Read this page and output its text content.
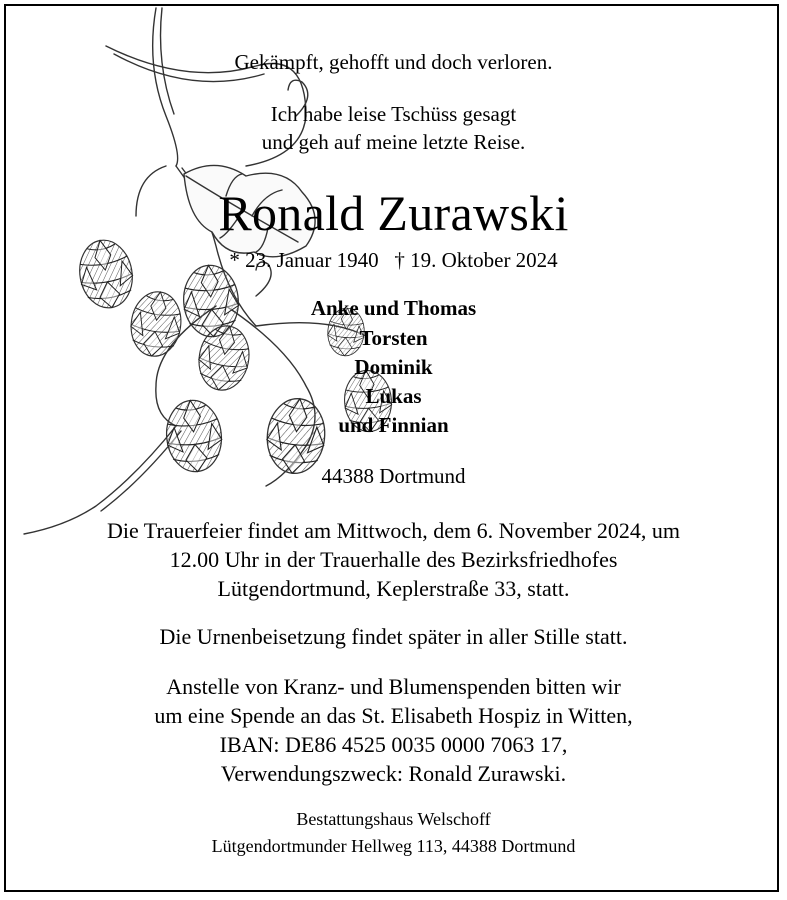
Gekämpft, gehofft und doch verloren.
Ich habe leise Tschüss gesagt
und geh auf meine letzte Reise.
Ronald Zurawski
* 23. Januar 1940   † 19. Oktober 2024
Anke und Thomas
Torsten
Dominik
Lukas
und Finnian
44388 Dortmund
Die Trauerfeier findet am Mittwoch, dem 6. November 2024, um
12.00 Uhr in der Trauerhalle des Bezirksfriedhofes
Lütgendortmund, Keplerstraße 33, statt.
Die Urnenbeisetzung findet später in aller Stille statt.
Anstelle von Kranz- und Blumenspenden bitten wir
um eine Spende an das St. Elisabeth Hospiz in Witten,
IBAN: DE86 4525 0035 0000 7063 17,
Verwendungszweck: Ronald Zurawski.
Bestattungshaus Welschoff
Lütgendortmunder Hellweg 113, 44388 Dortmund
